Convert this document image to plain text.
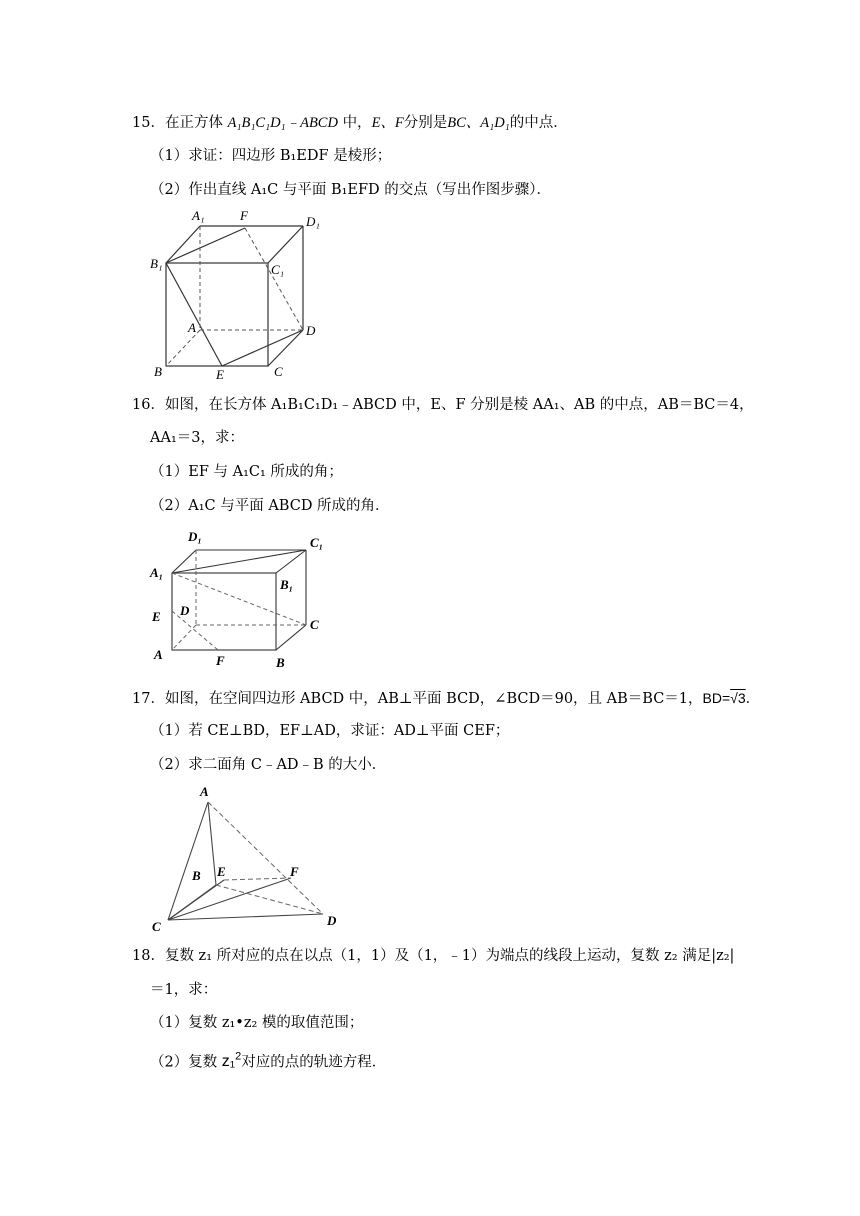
15．在正方体 A₁B₁C₁D₁﹣ABCD 中，E、F分别是BC、A₁D₁的中点．
（1）求证：四边形 B₁EDF 是棱形；
（2）作出直线 A₁C 与平面 B₁EFD 的交点（写出作图步骤）．
A₁	F	D₁
B₁	C₁
A	D
B	E	C
16．如图，在长方体 A₁B₁C₁D₁﹣ABCD 中，E、F 分别是棱 AA₁、AB 的中点，AB＝BC＝4，
AA₁＝3，求：
（1）EF 与 A₁C₁ 所成的角；
（2）A₁C 与平面 ABCD 所成的角．
D₁	C₁
A₁
B₁
D
E
C
A	F	B
17．如图，在空间四边形 ABCD 中，AB⊥平面 BCD，∠BCD＝90，且 AB＝BC＝1，BD=√3．
（1）若 CE⊥BD，EF⊥AD，求证：AD⊥平面 CEF；
（2）求二面角 C﹣AD﹣B 的大小．
A
B E	F
C	D
18．复数 z₁ 所对应的点在以点（1，1）及（1，﹣1）为端点的线段上运动，复数 z₂ 满足|z₂|
＝1，求：
（1）复数 z₁•z₂ 模的取值范围；
（2）复数 z₁$^2$对应的点的轨迹方程．
